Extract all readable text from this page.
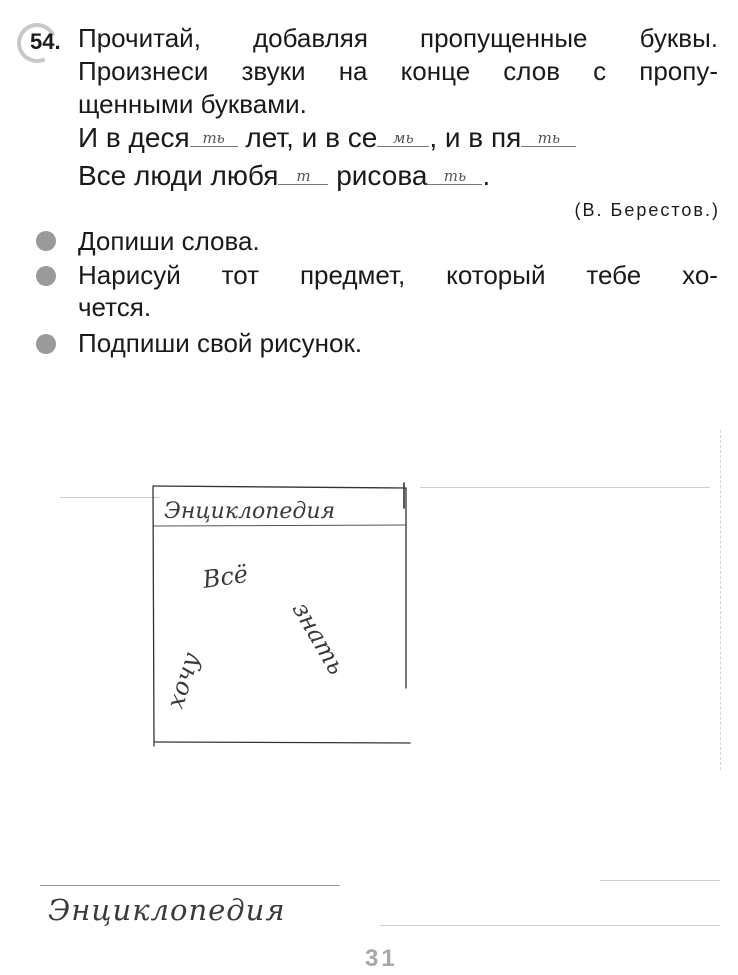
54. Прочитай, добавляя пропущенные буквы.
Произнеси звуки на конце слов с пропу-
щенными буквами.
И в деся ть лет, и в се мь , и в пя ть
Все люди любя т рисова ть .
(В. Берестов.)
Допиши слова.
Нарисуй тот предмет, который тебе хо-
чется.
Подпиши свой рисунок.
Энциклопедия
Всё
хочу
знать
Энциклопедия
31
